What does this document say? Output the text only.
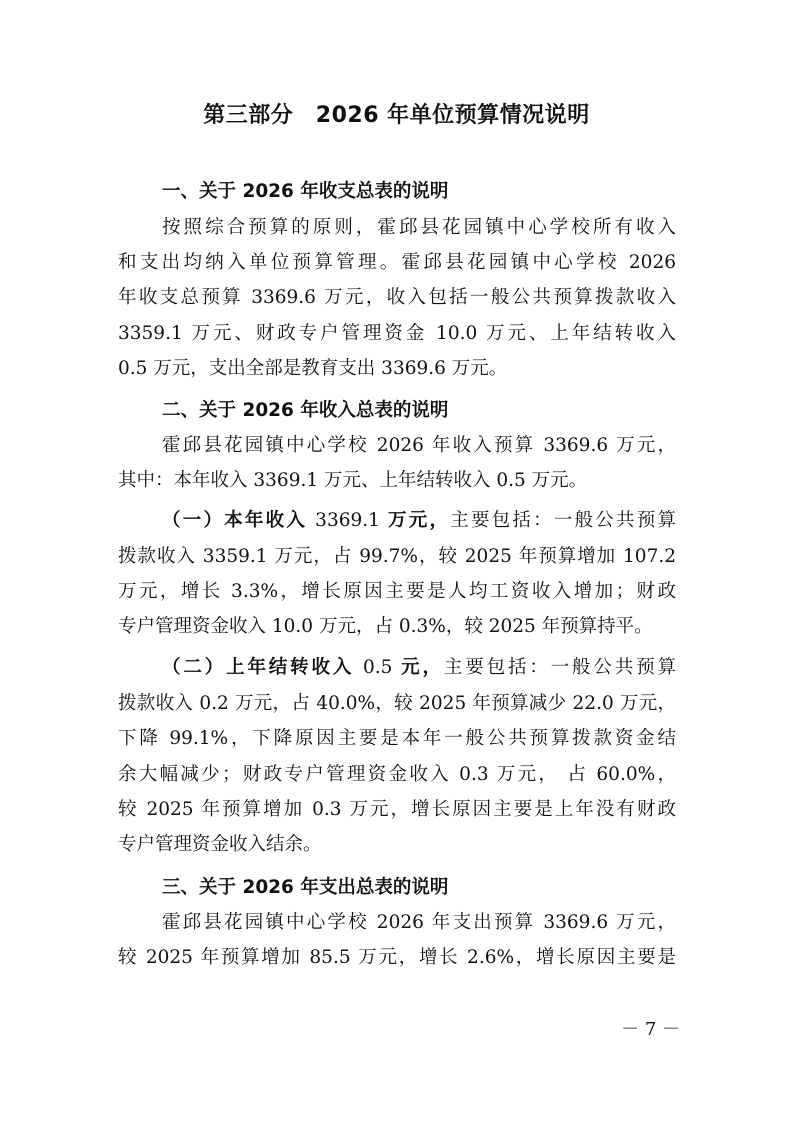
第三部分　2026 年单位预算情况说明
一、关于 2026 年收支总表的说明
按照综合预算的原则，霍邱县花园镇中心学校所有收入
和支出均纳入单位预算管理。霍邱县花园镇中心学校 2026
年收支总预算 3369.6 万元，收入包括一般公共预算拨款收入
3359.1 万元、财政专户管理资金 10.0 万元、上年结转收入
0.5 万元，支出全部是教育支出 3369.6 万元。
二、关于 2026 年收入总表的说明
霍邱县花园镇中心学校 2026 年收入预算 3369.6 万元，
其中：本年收入 3369.1 万元、上年结转收入 0.5 万元。
（一）本年收入 3369.1 万元，主要包括：一般公共预算
拨款收入 3359.1 万元，占 99.7%，较 2025 年预算增加 107.2
万元，增长 3.3%，增长原因主要是人均工资收入增加；财政
专户管理资金收入 10.0 万元，占 0.3%，较 2025 年预算持平。
（二）上年结转收入 0.5 元，主要包括：一般公共预算
拨款收入 0.2 万元，占 40.0%，较 2025 年预算减少 22.0 万元，
下降 99.1%，下降原因主要是本年一般公共预算拨款资金结
余大幅减少；财政专户管理资金收入 0.3 万元， 占 60.0%，
较 2025 年预算增加 0.3 万元，增长原因主要是上年没有财政
专户管理资金收入结余。
三、关于 2026 年支出总表的说明
霍邱县花园镇中心学校 2026 年支出预算 3369.6 万元，
较 2025 年预算增加 85.5 万元，增长 2.6%，增长原因主要是
－ 7 －
